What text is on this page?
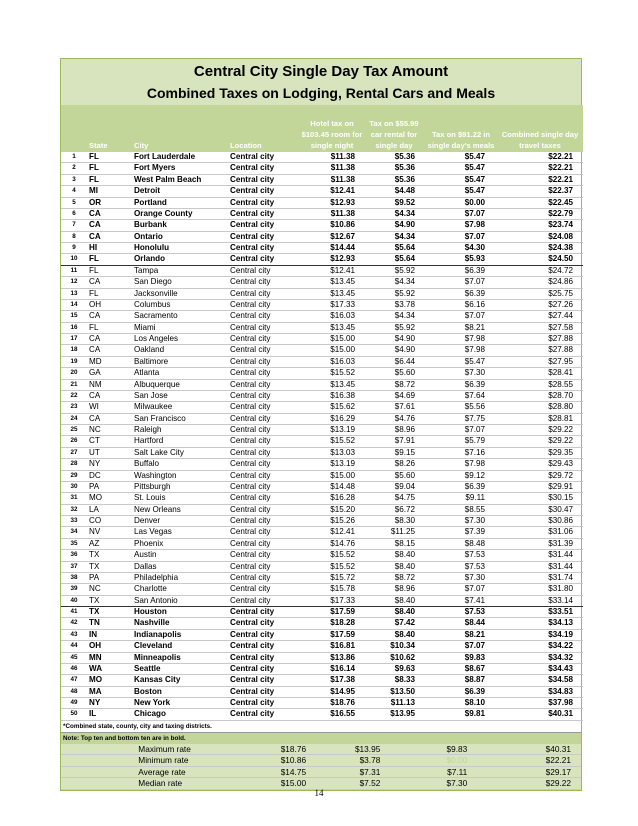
Central City Single Day Tax Amount
Combined Taxes on Lodging, Rental Cars and Meals
	State	City	Location	Hotel tax on $103.45 room for single night	Tax on $55.99 car rental for single day	Tax on $91.22 in single day's meals	Combined single day travel taxes
1	FL	Fort Lauderdale	Central city	$11.38	$5.36	$5.47	$22.21
2	FL	Fort Myers	Central city	$11.38	$5.36	$5.47	$22.21
3	FL	West Palm Beach	Central city	$11.38	$5.36	$5.47	$22.21
4	MI	Detroit	Central city	$12.41	$4.48	$5.47	$22.37
5	OR	Portland	Central city	$12.93	$9.52	$0.00	$22.45
6	CA	Orange County	Central city	$11.38	$4.34	$7.07	$22.79
7	CA	Burbank	Central city	$10.86	$4.90	$7.98	$23.74
8	CA	Ontario	Central city	$12.67	$4.34	$7.07	$24.08
9	HI	Honolulu	Central city	$14.44	$5.64	$4.30	$24.38
10	FL	Orlando	Central city	$12.93	$5.64	$5.93	$24.50
11	FL	Tampa	Central city	$12.41	$5.92	$6.39	$24.72
12	CA	San Diego	Central city	$13.45	$4.34	$7.07	$24.86
13	FL	Jacksonville	Central city	$13.45	$5.92	$6.39	$25.75
14	OH	Columbus	Central city	$17.33	$3.78	$6.16	$27.26
15	CA	Sacramento	Central city	$16.03	$4.34	$7.07	$27.44
16	FL	Miami	Central city	$13.45	$5.92	$8.21	$27.58
17	CA	Los Angeles	Central city	$15.00	$4.90	$7.98	$27.88
18	CA	Oakland	Central city	$15.00	$4.90	$7.98	$27.88
19	MD	Baltimore	Central city	$16.03	$6.44	$5.47	$27.95
20	GA	Atlanta	Central city	$15.52	$5.60	$7.30	$28.41
21	NM	Albuquerque	Central city	$13.45	$8.72	$6.39	$28.55
22	CA	San Jose	Central city	$16.38	$4.69	$7.64	$28.70
23	WI	Milwaukee	Central city	$15.62	$7.61	$5.56	$28.80
24	CA	San Francisco	Central city	$16.29	$4.76	$7.75	$28.81
25	NC	Raleigh	Central city	$13.19	$8.96	$7.07	$29.22
26	CT	Hartford	Central city	$15.52	$7.91	$5.79	$29.22
27	UT	Salt Lake City	Central city	$13.03	$9.15	$7.16	$29.35
28	NY	Buffalo	Central city	$13.19	$8.26	$7.98	$29.43
29	DC	Washington	Central city	$15.00	$5.60	$9.12	$29.72
30	PA	Pittsburgh	Central city	$14.48	$9.04	$6.39	$29.91
31	MO	St. Louis	Central city	$16.28	$4.75	$9.11	$30.15
32	LA	New Orleans	Central city	$15.20	$6.72	$8.55	$30.47
33	CO	Denver	Central city	$15.26	$8.30	$7.30	$30.86
34	NV	Las Vegas	Central city	$12.41	$11.25	$7.39	$31.06
35	AZ	Phoenix	Central city	$14.76	$8.15	$8.48	$31.39
36	TX	Austin	Central city	$15.52	$8.40	$7.53	$31.44
37	TX	Dallas	Central city	$15.52	$8.40	$7.53	$31.44
38	PA	Philadelphia	Central city	$15.72	$8.72	$7.30	$31.74
39	NC	Charlotte	Central city	$15.78	$8.96	$7.07	$31.80
40	TX	San Antonio	Central city	$17.33	$8.40	$7.41	$33.14
41	TX	Houston	Central city	$17.59	$8.40	$7.53	$33.51
42	TN	Nashville	Central city	$18.28	$7.42	$8.44	$34.13
43	IN	Indianapolis	Central city	$17.59	$8.40	$8.21	$34.19
44	OH	Cleveland	Central city	$16.81	$10.34	$7.07	$34.22
45	MN	Minneapolis	Central city	$13.86	$10.62	$9.83	$34.32
46	WA	Seattle	Central city	$16.14	$9.63	$8.67	$34.43
47	MO	Kansas City	Central city	$17.38	$8.33	$8.87	$34.58
48	MA	Boston	Central city	$14.95	$13.50	$6.39	$34.83
49	NY	New York	Central city	$18.76	$11.13	$8.10	$37.98
50	IL	Chicago	Central city	$16.55	$13.95	$9.81	$40.31
*Combined state, county, city and taxing districts.
Note: Top ten and bottom ten are in bold.
		Maximum rate	$18.76	$13.95	$9.83	$40.31
		Minimum rate	$10.86	$3.78	$0.00	$22.21
		Average rate	$14.75	$7.31	$7.11	$29.17
		Median rate	$15.00	$7.52	$7.30	$29.22
14
